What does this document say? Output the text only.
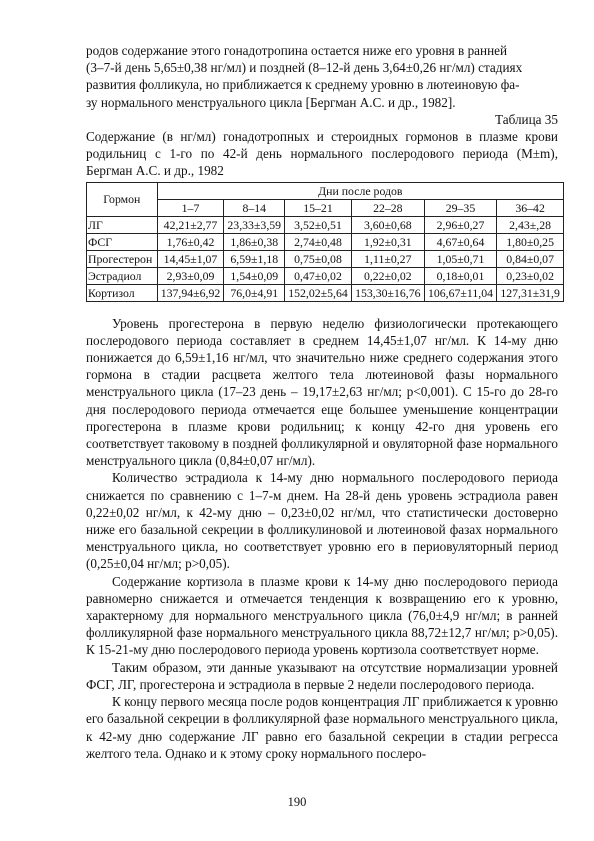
родов содержание этого гонадотропина остается ниже его уровня в ранней
(3–7-й день 5,65±0,38 нг/мл) и поздней (8–12-й день 3,64±0,26 нг/мл) стадиях
развития фолликула, но приближается к среднему уровню в лютеиновую фа-
зу нормального менструального цикла [Бергман А.С. и др., 1982].

Таблица 35

Содержание (в нг/мл) гонадотропных и стероидных гормонов в плазме крови родильниц с 1-го по 42-й день нормального послеродового периода (M±m), Бергман А.С. и др., 1982

Гормон	Дни после родов					
	1–7	8–14	15–21	22–28	29–35	36–42
ЛГ	42,21±2,77	23,33±3,59	3,52±0,51	3,60±0,68	2,96±0,27	2,43±,28
ФСГ	1,76±0,42	1,86±0,38	2,74±0,48	1,92±0,31	4,67±0,64	1,80±0,25
Прогестерон	14,45±1,07	6,59±1,18	0,75±0,08	1,11±0,27	1,05±0,71	0,84±0,07
Эстрадиол	2,93±0,09	1,54±0,09	0,47±0,02	0,22±0,02	0,18±0,01	0,23±0,02
Кортизол	137,94±6,92	76,0±4,91	152,02±5,64	153,30±16,76	106,67±11,04	127,31±31,9

Уровень прогестерона в первую неделю физиологически протекающего послеродового периода составляет в среднем 14,45±1,07 нг/мл. К 14-му дню понижается до 6,59±1,16 нг/мл, что значительно ниже среднего содержания этого гормона в стадии расцвета желтого тела лютеиновой фазы нормального менструального цикла (17–23 день – 19,17±2,63 нг/мл; p<0,001). С 15-го до 28-го дня послеродового периода отмечается еще большее уменьшение концентрации прогестерона в плазме крови родильниц; к концу 42-го дня уровень его соответствует таковому в поздней фолликулярной и овуляторной фазе нормального менструального цикла (0,84±0,07 нг/мл).

Количество эстрадиола к 14-му дню нормального послеродового периода снижается по сравнению с 1–7-м днем. На 28-й день уровень эстрадиола равен 0,22±0,02 нг/мл, к 42-му дню – 0,23±0,02 нг/мл, что статистически достоверно ниже его базальной секреции в фолликулиновой и лютеиновой фазах нормального менструального цикла, но соответствует уровню его в периовуляторный период (0,25±0,04 нг/мл; p>0,05).

Содержание кортизола в плазме крови к 14-му дню послеродового периода равномерно снижается и отмечается тенденция к возвращению его к уровню, характерному для нормального менструального цикла (76,0±4,9 нг/мл; в ранней фолликулярной фазе нормального менструального цикла 88,72±12,7 нг/мл; p>0,05). К 15-21-му дню послеродового периода уровень кортизола соответствует норме.

Таким образом, эти данные указывают на отсутствие нормализации уровней ФСГ, ЛГ, прогестерона и эстрадиола в первые 2 недели послеродового периода.

К концу первого месяца после родов концентрация ЛГ приближается к уровню его базальной секреции в фолликулярной фазе нормального менструального цикла, к 42-му дню содержание ЛГ равно его базальной секреции в стадии регресса желтого тела. Однако и к этому сроку нормального послеро-

190
